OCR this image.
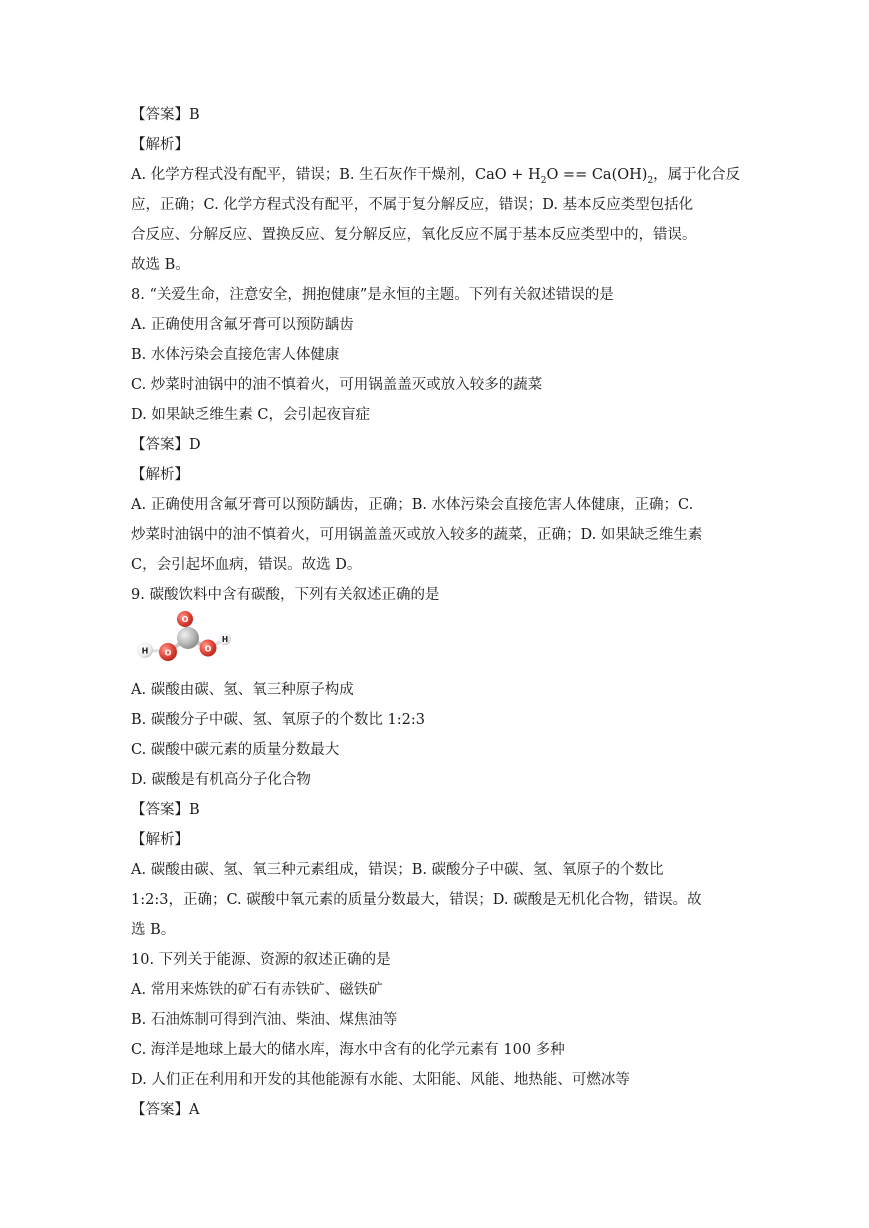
【答案】B
【解析】
A. 化学方程式没有配平，错误；B. 生石灰作干燥剂，CaO + $H_2O == Ca(OH)_2$，属于化合反
应，正确；C. 化学方程式没有配平，不属于复分解反应，错误；D. 基本反应类型包括化
合反应、分解反应、置换反应、复分解反应，氧化反应不属于基本反应类型中的，错误。
故选 B。
8. “关爱生命，注意安全，拥抱健康”是永恒的主题。下列有关叙述错误的是
A. 正确使用含氟牙膏可以预防龋齿
B. 水体污染会直接危害人体健康
C. 炒菜时油锅中的油不慎着火，可用锅盖盖灭或放入较多的蔬菜
D. 如果缺乏维生素 C，会引起夜盲症
【答案】D
【解析】
A. 正确使用含氟牙膏可以预防龋齿，正确；B. 水体污染会直接危害人体健康，正确；C.
炒菜时油锅中的油不慎着火，可用锅盖盖灭或放入较多的蔬菜，正确；D. 如果缺乏维生素
C，会引起坏血病，错误。故选 D。
9. 碳酸饮料中含有碳酸，下列有关叙述正确的是
H
O
O	O
H
A. 碳酸由碳、氢、氧三种原子构成
B. 碳酸分子中碳、氢、氧原子的个数比 1:2:3
C. 碳酸中碳元素的质量分数最大
D. 碳酸是有机高分子化合物
【答案】B
【解析】
A. 碳酸由碳、氢、氧三种元素组成，错误；B. 碳酸分子中碳、氢、氧原子的个数比
1:2:3，正确；C. 碳酸中氧元素的质量分数最大，错误；D. 碳酸是无机化合物，错误。故
选 B。
10. 下列关于能源、资源的叙述正确的是
A. 常用来炼铁的矿石有赤铁矿、磁铁矿
B. 石油炼制可得到汽油、柴油、煤焦油等
C. 海洋是地球上最大的储水库，海水中含有的化学元素有 100 多种
D. 人们正在利用和开发的其他能源有水能、太阳能、风能、地热能、可燃冰等
【答案】A
